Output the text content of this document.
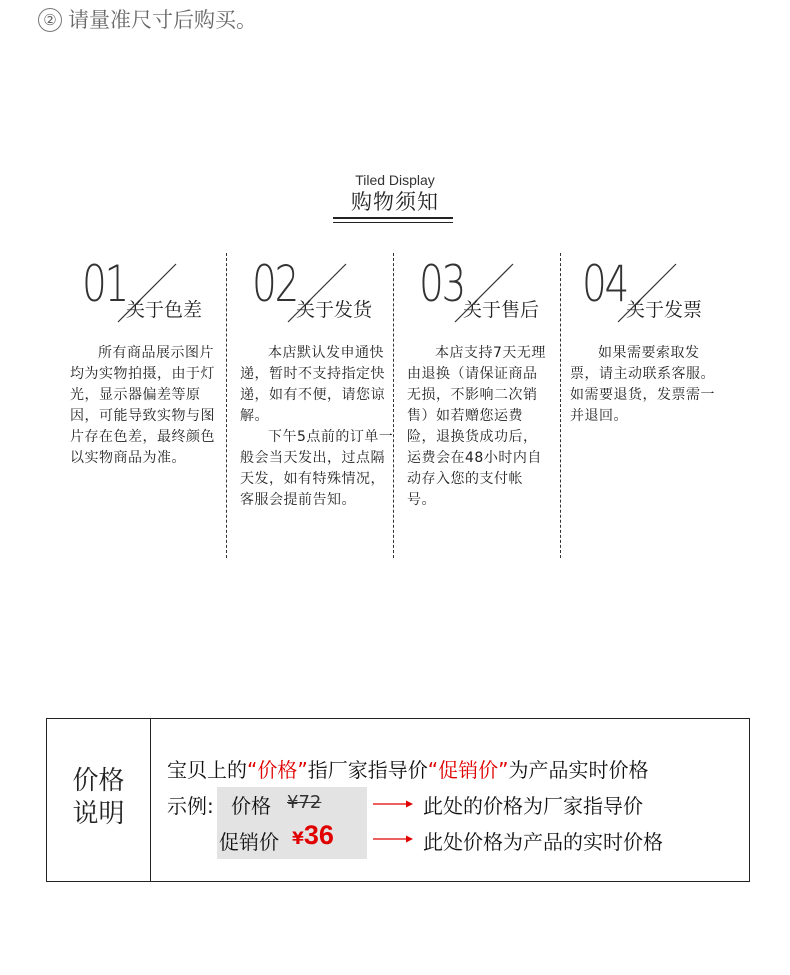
② 请量准尺寸后购买。
Tiled Display
购物须知
01 关于色差

所有商品展示图片均为实物拍摄，由于灯光，显示器偏差等原因，可能导致实物与图片存在色差，最终颜色以实物商品为准。

02 关于发货

本店默认发申通快递，暂时不支持指定快递，如有不便，请您谅解。

下午5点前的订单一般会当天发出，过点隔天发，如有特殊情况，客服会提前告知。

03 关于售后

本店支持7天无理由退换（请保证商品无损，不影响二次销售）如若赠您运费险，退换货成功后，运费会在48小时内自动存入您的支付帐号。

04 关于发票

如果需要索取发票，请主动联系客服。如需要退货，发票需一并退回。

价格
说明
宝贝上的“价格”指厂家指导价“促销价”为产品实时价格
示例: 价格 ¥72
促销价 ¥36
此处的价格为厂家指导价
此处价格为产品的实时价格
